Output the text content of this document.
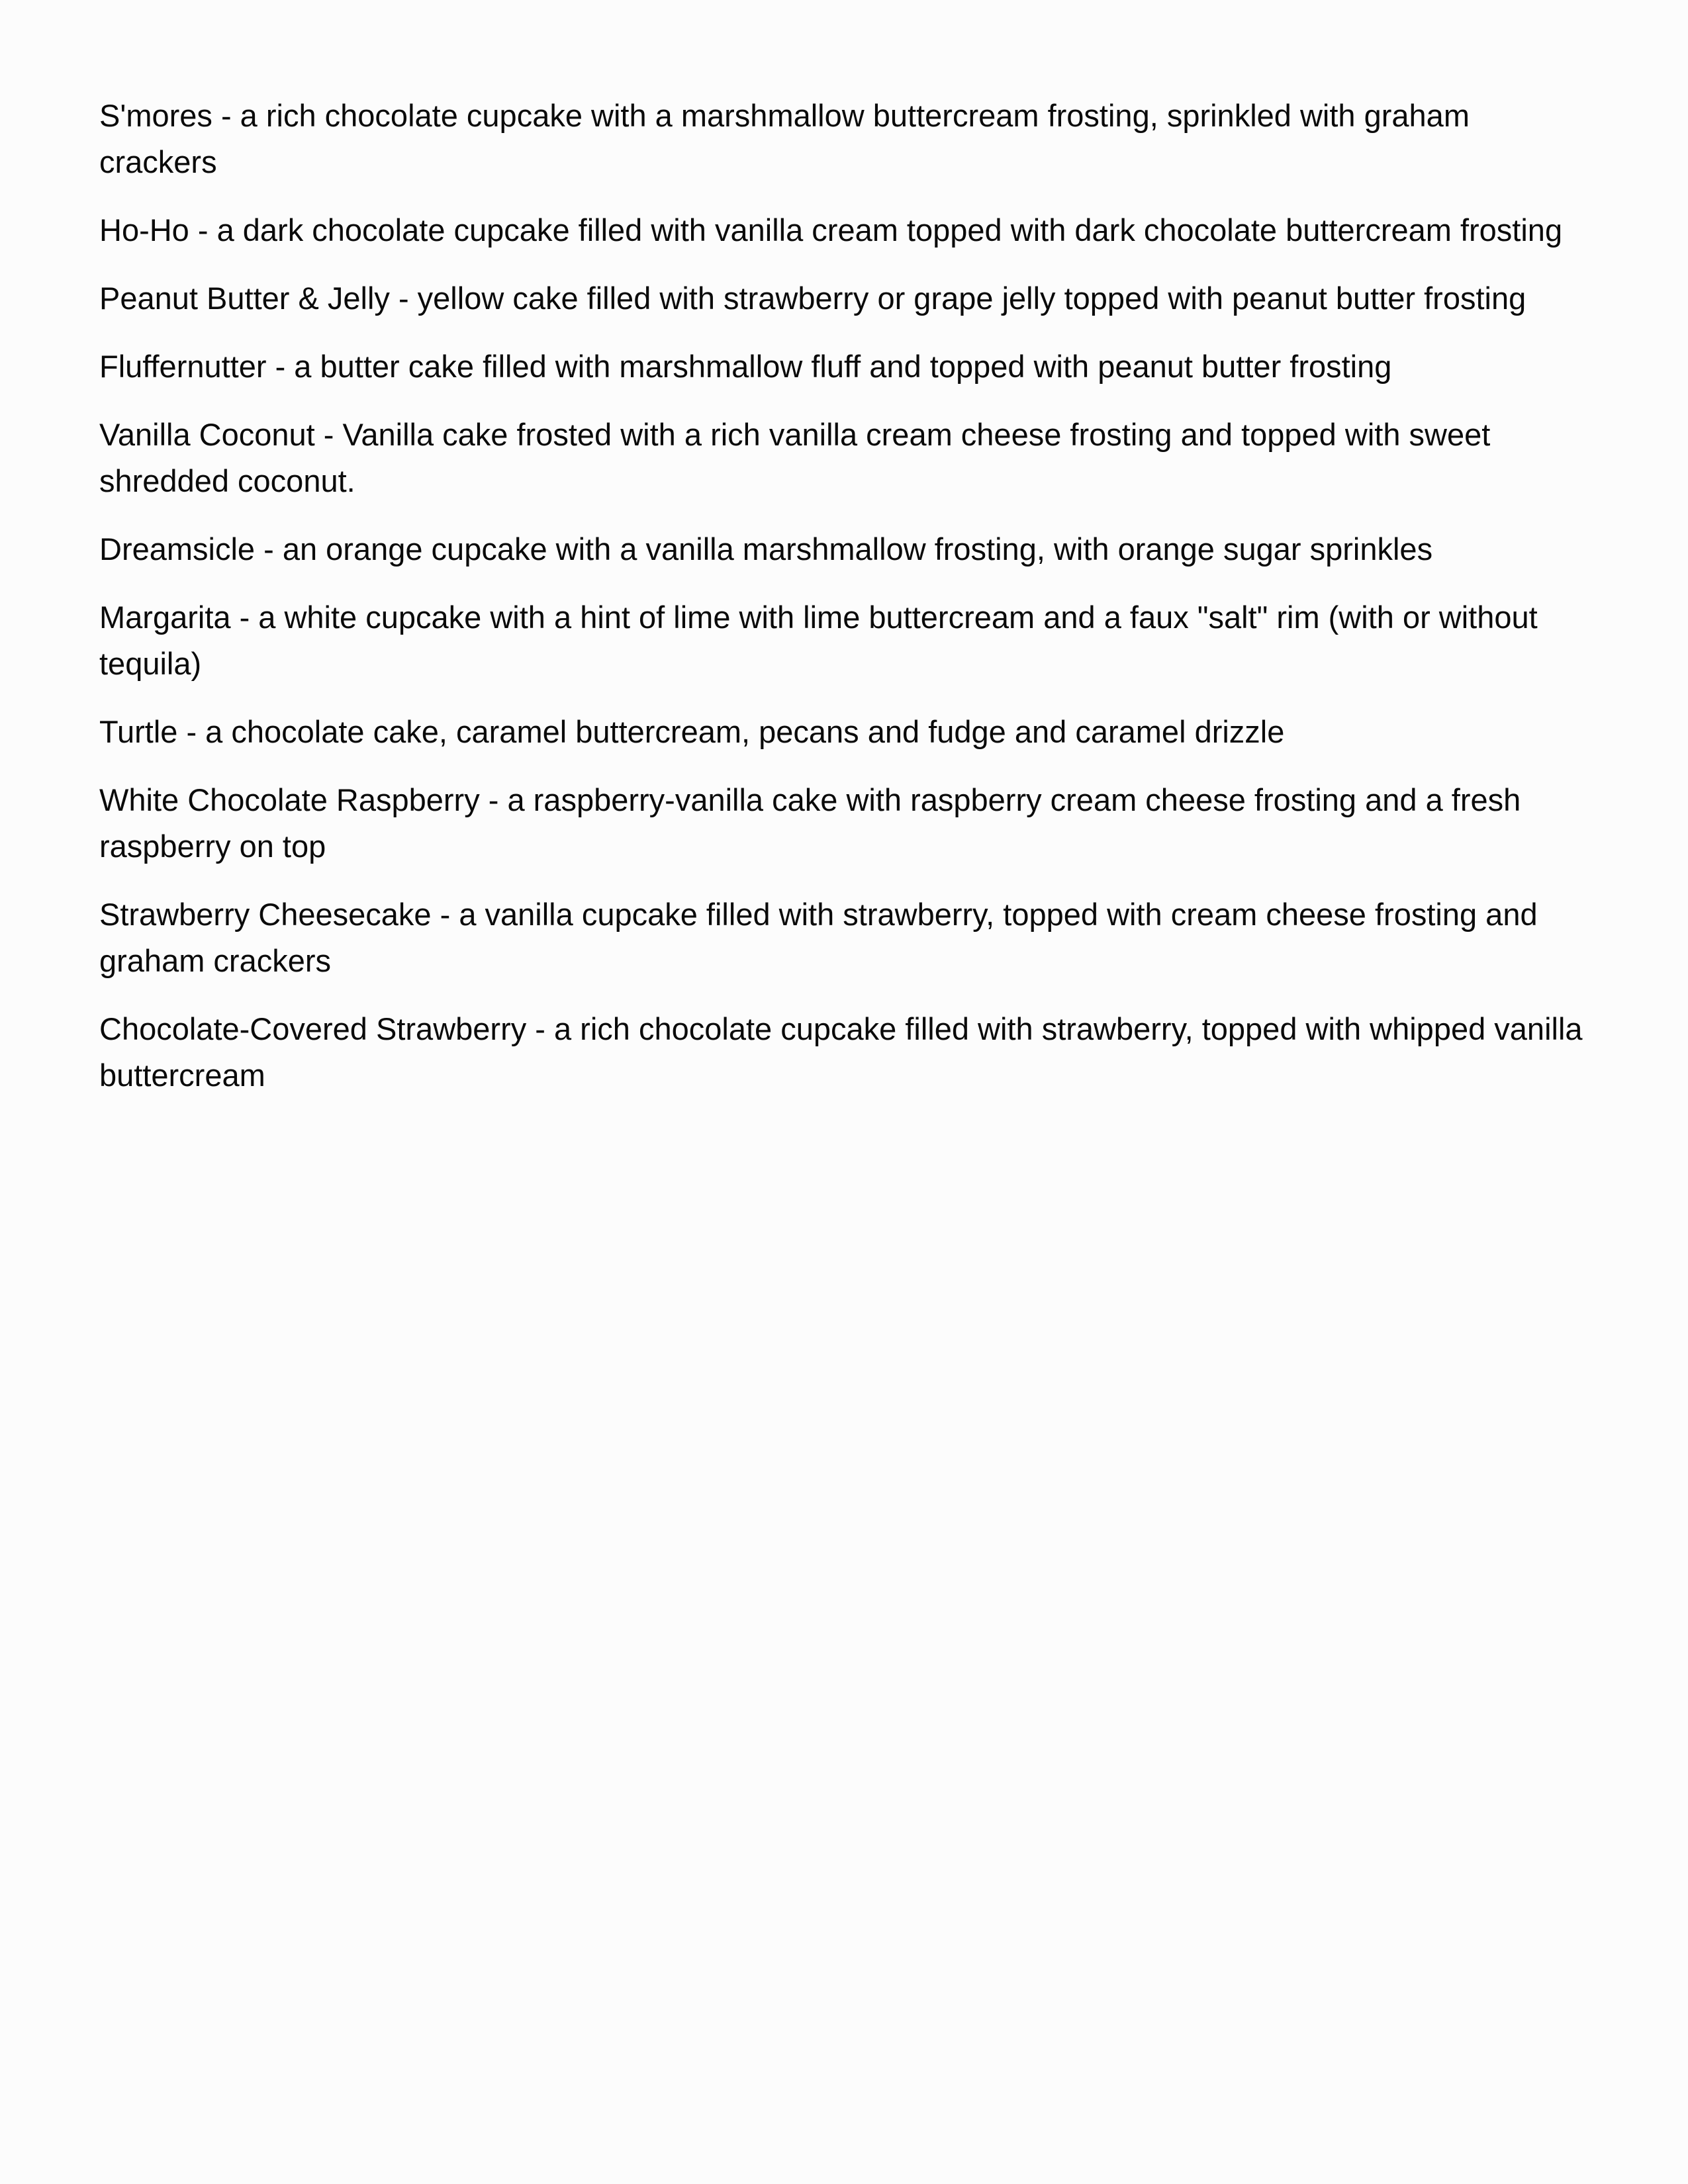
S'mores - a rich chocolate cupcake with a marshmallow buttercream frosting, sprinkled with graham crackers

Ho-Ho - a dark chocolate cupcake filled with vanilla cream topped with dark chocolate buttercream frosting

Peanut Butter & Jelly - yellow cake filled with strawberry or grape jelly topped with peanut butter frosting

Fluffernutter - a butter cake filled with marshmallow fluff and topped with peanut butter frosting

Vanilla Coconut - Vanilla cake frosted with a rich vanilla cream cheese frosting and topped with sweet shredded coconut.

Dreamsicle - an orange cupcake with a vanilla marshmallow frosting, with orange sugar sprinkles

Margarita - a white cupcake with a hint of lime with lime buttercream and a faux "salt" rim (with or without tequila)

Turtle - a chocolate cake, caramel buttercream, pecans and fudge and caramel drizzle

White Chocolate Raspberry - a raspberry-vanilla cake with raspberry cream cheese frosting and a fresh raspberry on top

Strawberry Cheesecake - a vanilla cupcake filled with strawberry, topped with cream cheese frosting and graham crackers

Chocolate-Covered Strawberry - a rich chocolate cupcake filled with strawberry, topped with whipped vanilla buttercream
